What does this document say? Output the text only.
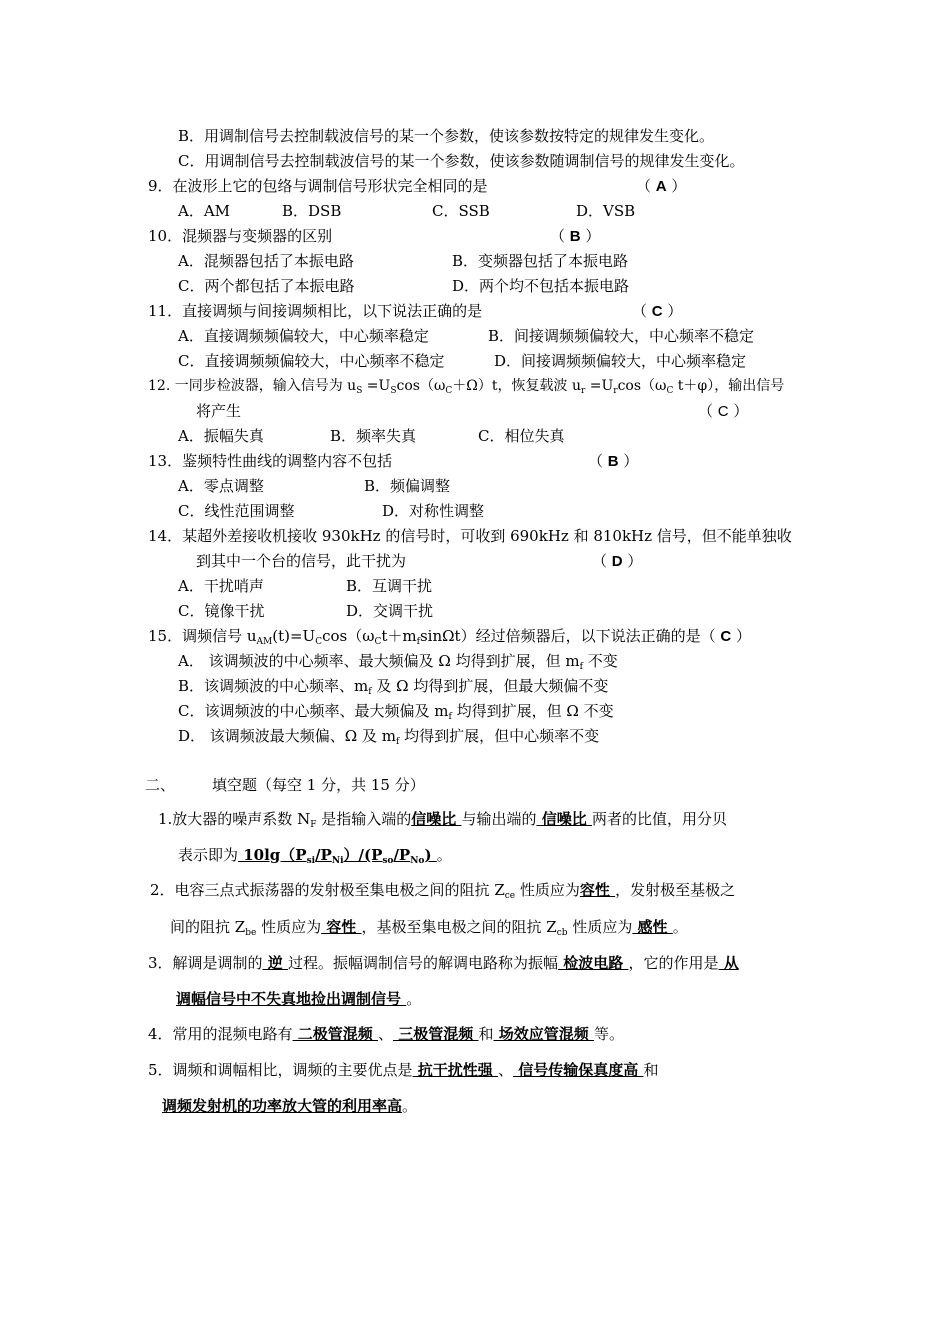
B．用调制信号去控制载波信号的某一个参数，使该参数按特定的规律发生变化。
C．用调制信号去控制载波信号的某一个参数，使该参数随调制信号的规律发生变化。
9．在波形上它的包络与调制信号形状完全相同的是	（ A ）
A．AM	B．DSB	C．SSB	D．VSB
10．混频器与变频器的区别	（ B ）
A．混频器包括了本振电路	B．变频器包括了本振电路
C．两个都包括了本振电路	D．两个均不包括本振电路
11．直接调频与间接调频相比，以下说法正确的是	（ C ）
A．直接调频频偏较大，中心频率稳定	B．间接调频频偏较大，中心频率不稳定
C．直接调频频偏较大，中心频率不稳定	D．间接调频频偏较大，中心频率稳定
12. 一同步检波器，输入信号为 $u_S =U_S\cos(\omega_C+\Omega)t$，恢复载波 $u_r =U_r\cos(\omega_C$ t＋φ），输出信号
将产生	（ C ）
A．振幅失真	B．频率失真	C．相位失真
13．鉴频特性曲线的调整内容不包括	（ B ）
A．零点调整	B．频偏调整
C．线性范围调整	D．对称性调整
14．某超外差接收机接收 930kHz 的信号时，可收到 690kHz 和 810kHz 信号，但不能单独收
到其中一个台的信号，此干扰为	（ D ）
A．干扰哨声	B．互调干扰
C．镜像干扰	D．交调干扰
15．调频信号 $u_{AM}(t)=U_C\cos(\omega_Ct+m_f\sin\Omega t)$经过倍频器后，以下说法正确的是（ C ）
A． 该调频波的中心频率、最大频偏及 Ω 均得到扩展，但 $m_f$ 不变
B．该调频波的中心频率、$m_f$ 及 Ω 均得到扩展，但最大频偏不变
C．该调频波的中心频率、最大频偏及 $m_f$ 均得到扩展，但 Ω 不变
D． 该调频波最大频偏、Ω 及 $m_f$ 均得到扩展，但中心频率不变
二、 填空题（每空 1 分，共 15 分）
1.放大器的噪声系数 $N_F$ 是指输入端的信噪比 与输出端的 信噪比 两者的比值，用分贝
表示即为 $10\lg(P_{si}/P_{Ni})/(P_{so}/P_{No})$ 。
2．电容三点式振荡器的发射极至集电极之间的阻抗 $Z_{ce}$ 性质应为容性 ，发射极至基极之
间的阻抗 $Z_{be}$ 性质应为 容性 ，基极至集电极之间的阻抗 $Z_{cb}$ 性质应为 感性 。
3．解调是调制的 逆 过程。振幅调制信号的解调电路称为振幅 检波电路 ，它的作用是 从
调幅信号中不失真地捡出调制信号 。
4．常用的混频电路有 二极管混频 、 三极管混频 和 场效应管混频 等。
5．调频和调幅相比，调频的主要优点是 抗干扰性强 、 信号传输保真度高 和
调频发射机的功率放大管的利用率高。
